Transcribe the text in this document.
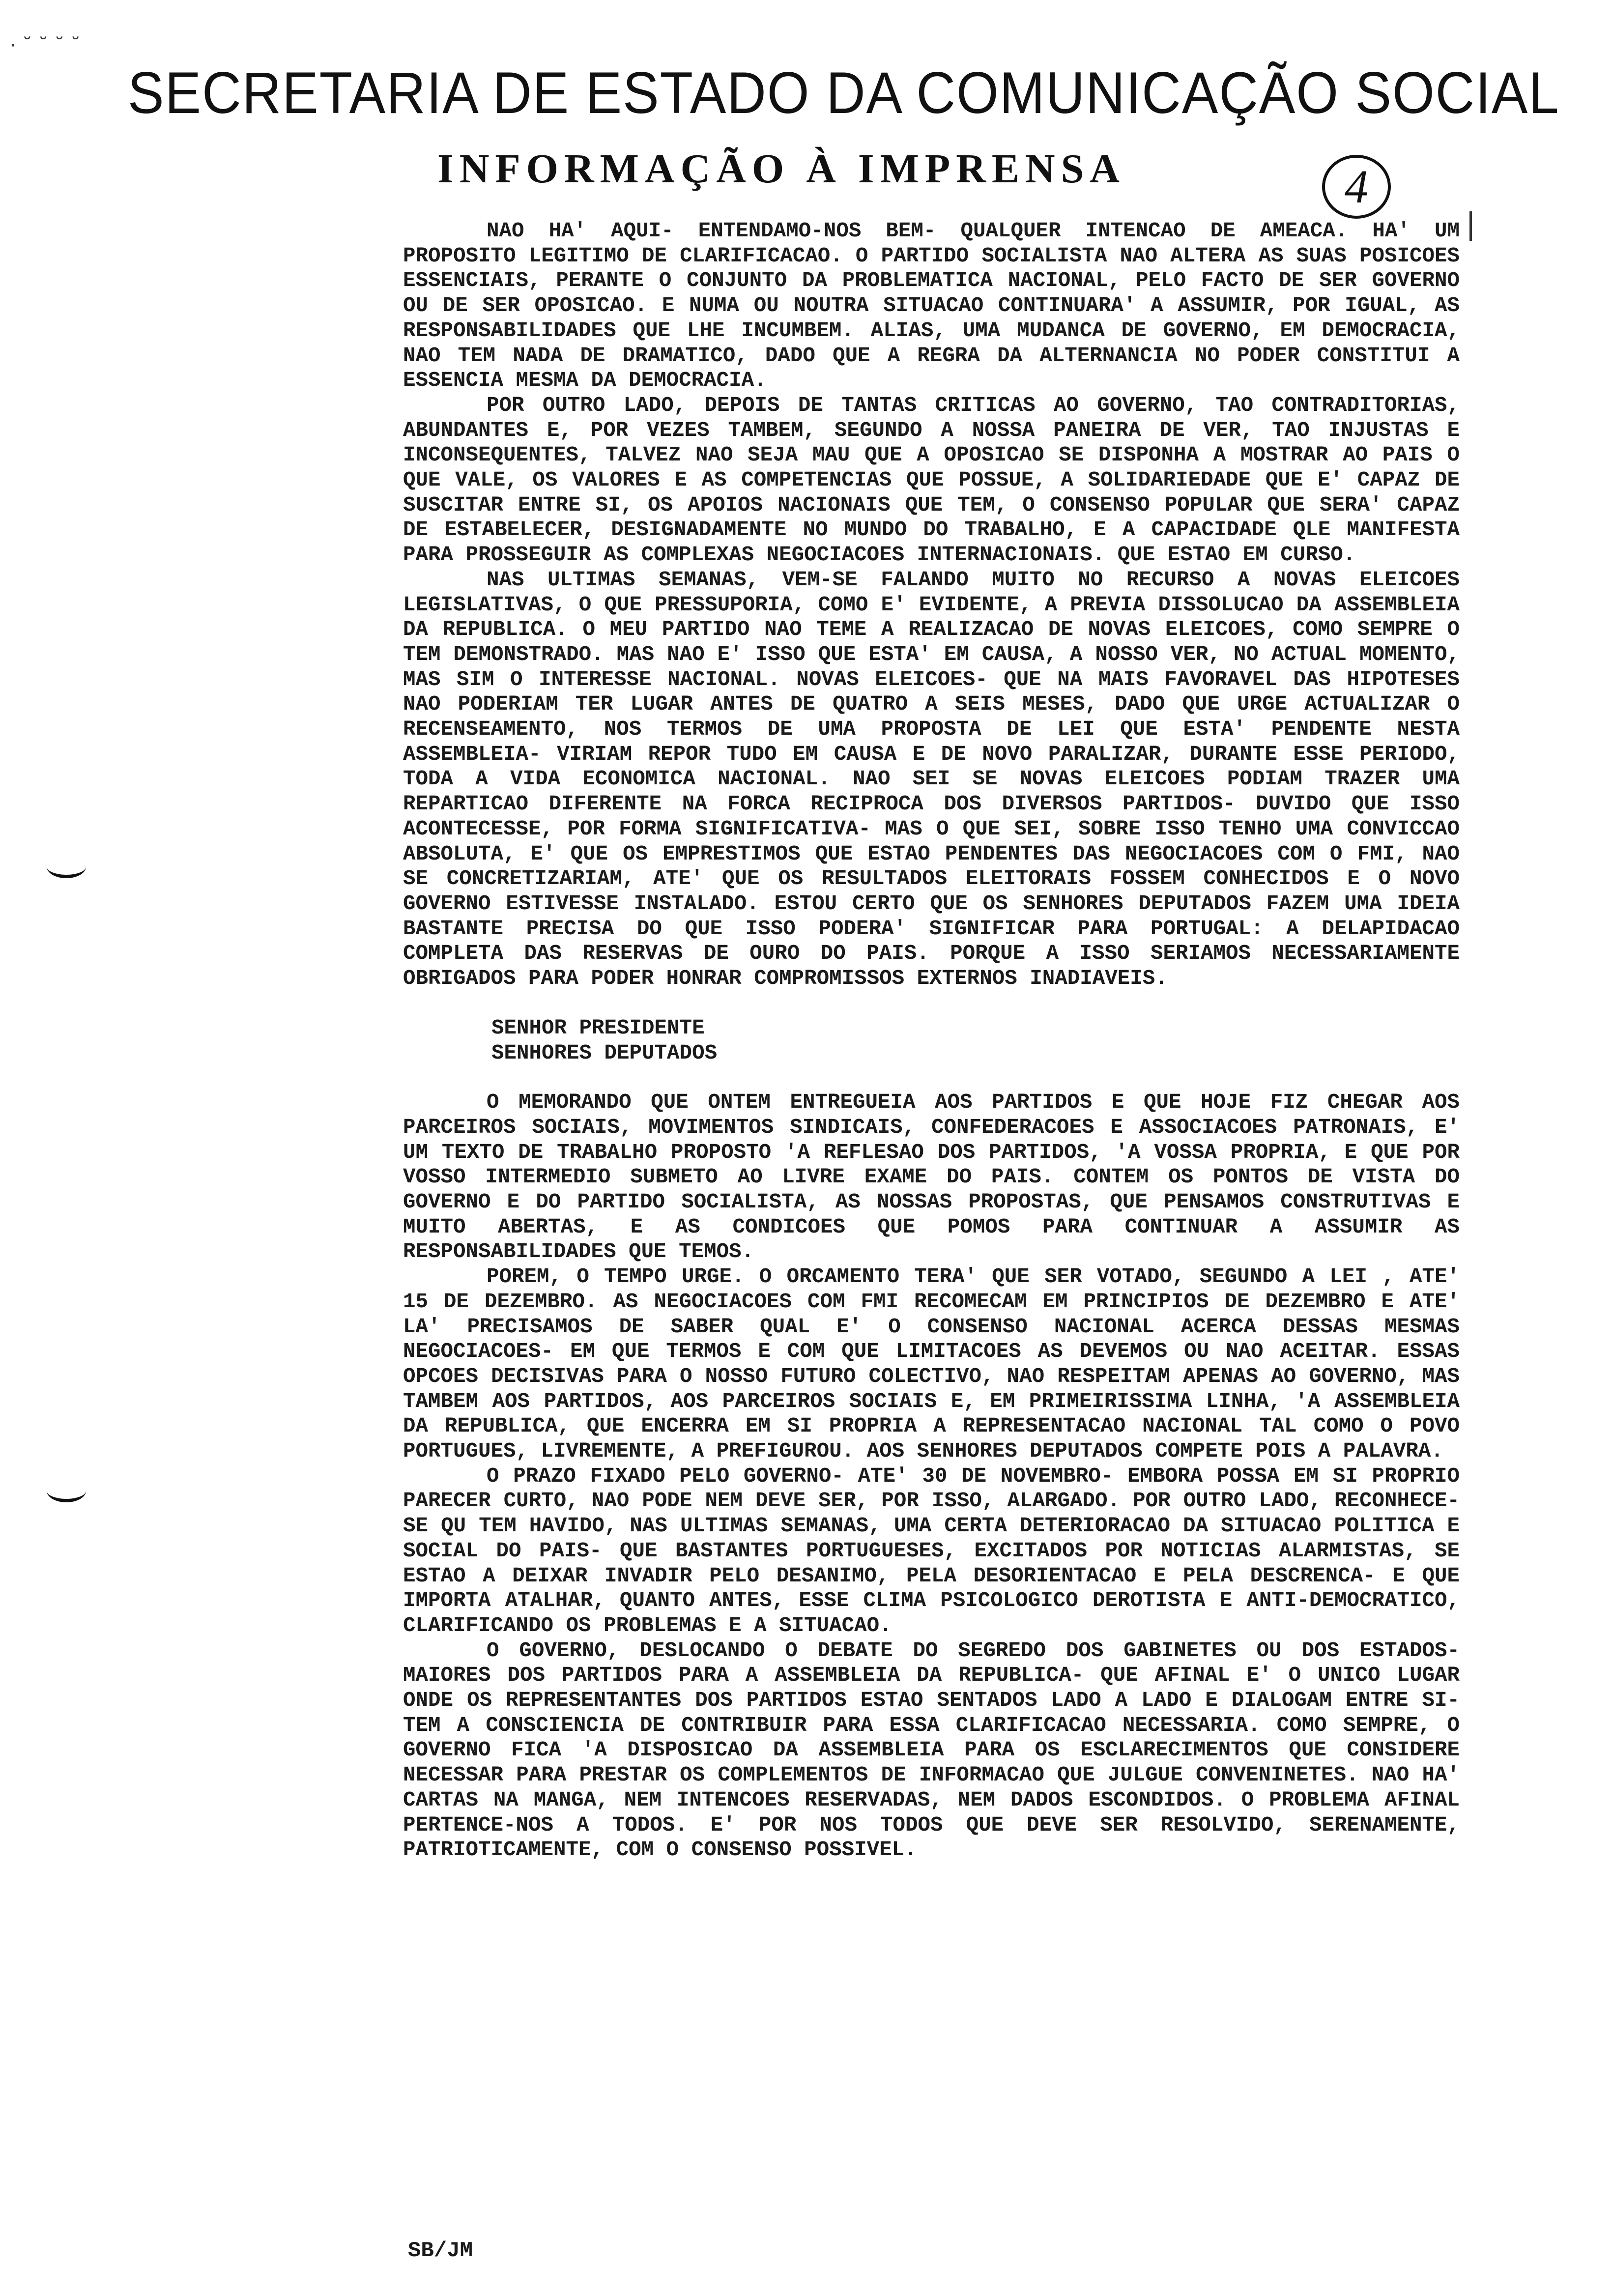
· ˘ ˘ ˘ ˘
SECRETARIA DE ESTADO DA COMUNICAÇÃO SOCIAL
INFORMAÇÃO À IMPRENSA	4

NAO HA' AQUI- ENTENDAMO-NOS BEM- QUALQUER INTENCAO DE AMEACA. HA' UM PROPOSITO LEGITIMO DE CLARIFICACAO. O PARTIDO SOCIALISTA NAO ALTERA AS SUAS POSICOES ESSENCIAIS, PERANTE O CONJUNTO DA PROBLEMATICA NACIONAL, PELO FACTO DE SER GOVERNO OU DE SER OPOSICAO. E NUMA OU NOUTRA SITUACAO CONTINUARA' A ASSUMIR, POR IGUAL, AS RESPONSABILIDADES QUE LHE INCUMBEM. ALIAS, UMA MUDANCA DE GOVERNO, EM DEMOCRACIA, NAO TEM NADA DE DRAMATICO, DADO QUE A REGRA DA ALTERNANCIA NO PODER CONSTITUI A ESSENCIA MESMA DA DEMOCRACIA.

POR OUTRO LADO, DEPOIS DE TANTAS CRITICAS AO GOVERNO, TAO CONTRADITORIAS, ABUNDANTES E, POR VEZES TAMBEM, SEGUNDO A NOSSA PANEIRA DE VER, TAO INJUSTAS E INCONSEQUENTES, TALVEZ NAO SEJA MAU QUE A OPOSICAO SE DISPONHA A MOSTRAR AO PAIS O QUE VALE, OS VALORES E AS COMPETENCIAS QUE POSSUE, A SOLIDARIEDADE QUE E' CAPAZ DE SUSCITAR ENTRE SI, OS APOIOS NACIONAIS QUE TEM, O CONSENSO POPULAR QUE SERA' CAPAZ DE ESTABELECER, DESIGNADAMENTE NO MUNDO DO TRABALHO, E A CAPACIDADE QLE MANIFESTA PARA PROSSEGUIR AS COMPLEXAS NEGOCIACOES INTERNACIONAIS. QUE ESTAO EM CURSO.

NAS ULTIMAS SEMANAS, VEM-SE FALANDO MUITO NO RECURSO A NOVAS ELEICOES LEGISLATIVAS, O QUE PRESSUPORIA, COMO E' EVIDENTE, A PREVIA DISSOLUCAO DA ASSEMBLEIA DA REPUBLICA. O MEU PARTIDO NAO TEME A REALIZACAO DE NOVAS ELEICOES, COMO SEMPRE O TEM DEMONSTRADO. MAS NAO E' ISSO QUE ESTA' EM CAUSA, A NOSSO VER, NO ACTUAL MOMENTO, MAS SIM O INTERESSE NACIONAL. NOVAS ELEICOES- QUE NA MAIS FAVORAVEL DAS HIPOTESES NAO PODERIAM TER LUGAR ANTES DE QUATRO A SEIS MESES, DADO QUE URGE ACTUALIZAR O RECENSEAMENTO, NOS TERMOS DE UMA PROPOSTA DE LEI QUE ESTA' PENDENTE NESTA ASSEMBLEIA- VIRIAM REPOR TUDO EM CAUSA E DE NOVO PARALIZAR, DURANTE ESSE PERIODO, TODA A VIDA ECONOMICA NACIONAL. NAO SEI SE NOVAS ELEICOES PODIAM TRAZER UMA REPARTICAO DIFERENTE NA FORCA RECIPROCA DOS DIVERSOS PARTIDOS- DUVIDO QUE ISSO ACONTECESSE, POR FORMA SIGNIFICATIVA- MAS O QUE SEI, SOBRE ISSO TENHO UMA CONVICCAO ABSOLUTA, E' QUE OS EMPRESTIMOS QUE ESTAO PENDENTES DAS NEGOCIACOES COM O FMI, NAO SE CONCRETIZARIAM, ATE' QUE OS RESULTADOS ELEITORAIS FOSSEM CONHECIDOS E O NOVO GOVERNO ESTIVESSE INSTALADO. ESTOU CERTO QUE OS SENHORES DEPUTADOS FAZEM UMA IDEIA BASTANTE PRECISA DO QUE ISSO PODERA' SIGNIFICAR PARA PORTUGAL: A DELAPIDACAO COMPLETA DAS RESERVAS DE OURO DO PAIS. PORQUE A ISSO SERIAMOS NECESSARIAMENTE OBRIGADOS PARA PODER HONRAR COMPROMISSOS EXTERNOS INADIAVEIS.

SENHOR PRESIDENTE
SENHORES DEPUTADOS

O MEMORANDO QUE ONTEM ENTREGUEIA AOS PARTIDOS E QUE HOJE FIZ CHEGAR AOS PARCEIROS SOCIAIS, MOVIMENTOS SINDICAIS, CONFEDERACOES E ASSOCIACOES PATRONAIS, E' UM TEXTO DE TRABALHO PROPOSTO 'A REFLESAO DOS PARTIDOS, 'A VOSSA PROPRIA, E QUE POR VOSSO INTERMEDIO SUBMETO AO LIVRE EXAME DO PAIS. CONTEM OS PONTOS DE VISTA DO GOVERNO E DO PARTIDO SOCIALISTA, AS NOSSAS PROPOSTAS, QUE PENSAMOS CONSTRUTIVAS E MUITO ABERTAS, E AS CONDICOES QUE POMOS PARA CONTINUAR A ASSUMIR AS RESPONSABILIDADES QUE TEMOS.

POREM, O TEMPO URGE. O ORCAMENTO TERA' QUE SER VOTADO, SEGUNDO A LEI , ATE' 15 DE DEZEMBRO. AS NEGOCIACOES COM FMI RECOMECAM EM PRINCIPIOS DE DEZEMBRO E ATE' LA' PRECISAMOS DE SABER QUAL E' O CONSENSO NACIONAL ACERCA DESSAS MESMAS NEGOCIACOES- EM QUE TERMOS E COM QUE LIMITACOES AS DEVEMOS OU NAO ACEITAR. ESSAS OPCOES DECISIVAS PARA O NOSSO FUTURO COLECTIVO, NAO RESPEITAM APENAS AO GOVERNO, MAS TAMBEM AOS PARTIDOS, AOS PARCEIROS SOCIAIS E, EM PRIMEIRISSIMA LINHA, 'A ASSEMBLEIA DA REPUBLICA, QUE ENCERRA EM SI PROPRIA A REPRESENTACAO NACIONAL TAL COMO O POVO PORTUGUES, LIVREMENTE, A PREFIGUROU. AOS SENHORES DEPUTADOS COMPETE POIS A PALAVRA.

O PRAZO FIXADO PELO GOVERNO- ATE' 30 DE NOVEMBRO- EMBORA POSSA EM SI PROPRIO PARECER CURTO, NAO PODE NEM DEVE SER, POR ISSO, ALARGADO. POR OUTRO LADO, RECONHECE-SE QU TEM HAVIDO, NAS ULTIMAS SEMANAS, UMA CERTA DETERIORACAO DA SITUACAO POLITICA E SOCIAL DO PAIS- QUE BASTANTES PORTUGUESES, EXCITADOS POR NOTICIAS ALARMISTAS, SE ESTAO A DEIXAR INVADIR PELO DESANIMO, PELA DESORIENTACAO E PELA DESCRENCA- E QUE IMPORTA ATALHAR, QUANTO ANTES, ESSE CLIMA PSICOLOGICO DEROTISTA E ANTI-DEMOCRATICO, CLARIFICANDO OS PROBLEMAS E A SITUACAO.

O GOVERNO, DESLOCANDO O DEBATE DO SEGREDO DOS GABINETES OU DOS ESTADOS-MAIORES DOS PARTIDOS PARA A ASSEMBLEIA DA REPUBLICA- QUE AFINAL E' O UNICO LUGAR ONDE OS REPRESENTANTES DOS PARTIDOS ESTAO SENTADOS LADO A LADO E DIALOGAM ENTRE SI- TEM A CONSCIENCIA DE CONTRIBUIR PARA ESSA CLARIFICACAO NECESSARIA. COMO SEMPRE, O GOVERNO FICA 'A DISPOSICAO DA ASSEMBLEIA PARA OS ESCLARECIMENTOS QUE CONSIDERE NECESSAR PARA PRESTAR OS COMPLEMENTOS DE INFORMACAO QUE JULGUE CONVENINETES. NAO HA' CARTAS NA MANGA, NEM INTENCOES RESERVADAS, NEM DADOS ESCONDIDOS. O PROBLEMA AFINAL PERTENCE-NOS A TODOS. E' POR NOS TODOS QUE DEVE SER RESOLVIDO, SERENAMENTE, PATRIOTICAMENTE, COM O CONSENSO POSSIVEL.

SB/JM
